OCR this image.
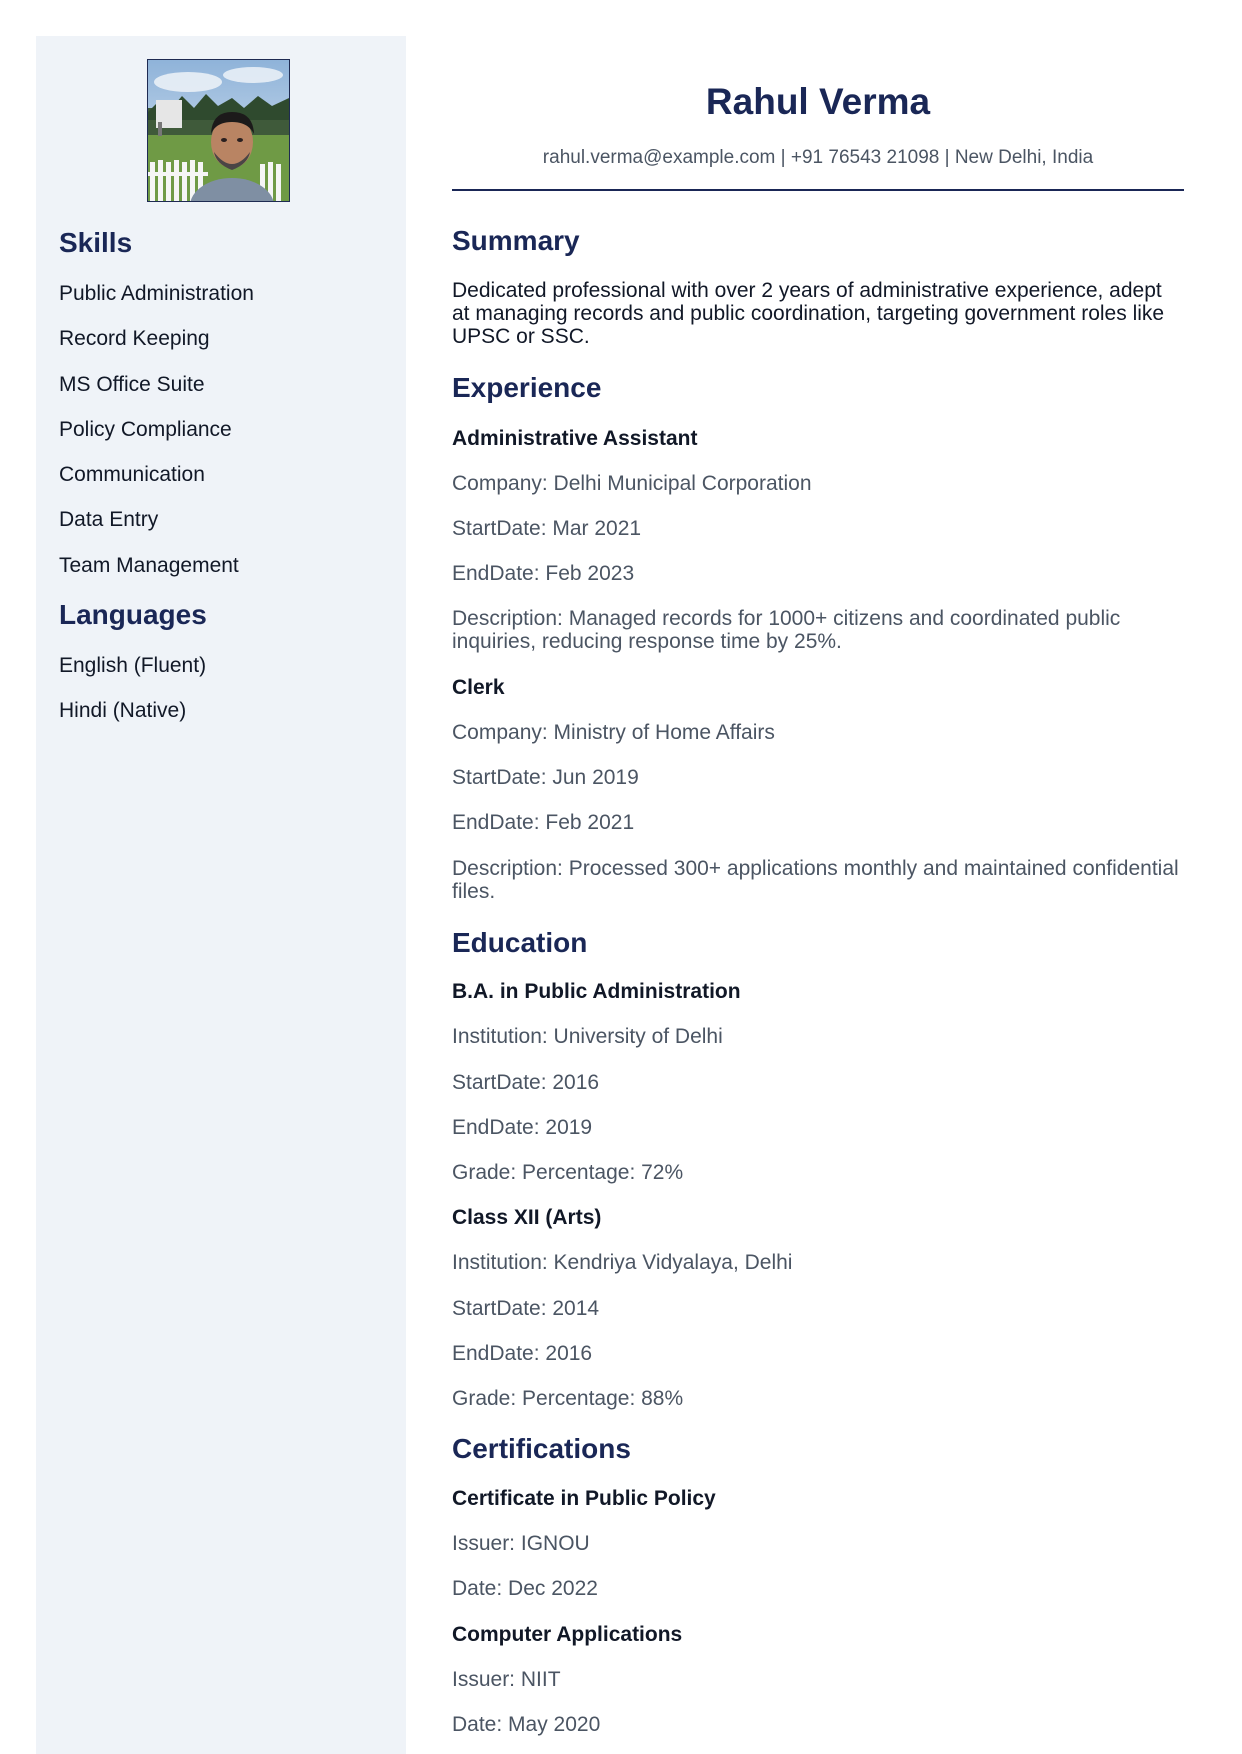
Skills
Public Administration
Record Keeping
MS Office Suite
Policy Compliance
Communication
Data Entry
Team Management
Languages
English (Fluent)
Hindi (Native)
Rahul Verma
rahul.verma@example.com | +91 76543 21098 | New Delhi, India
Summary

Dedicated professional with over 2 years of administrative experience, adept at managing records and public coordination, targeting government roles like UPSC or SSC.

Experience
Administrative Assistant
Company: Delhi Municipal Corporation
StartDate: Mar 2021
EndDate: Feb 2023
Description: Managed records for 1000+ citizens and coordinated public inquiries, reducing response time by 25%.
Clerk
Company: Ministry of Home Affairs
StartDate: Jun 2019
EndDate: Feb 2021
Description: Processed 300+ applications monthly and maintained confidential files.
Education
B.A. in Public Administration
Institution: University of Delhi
StartDate: 2016
EndDate: 2019
Grade: Percentage: 72%
Class XII (Arts)
Institution: Kendriya Vidyalaya, Delhi
StartDate: 2014
EndDate: 2016
Grade: Percentage: 88%
Certifications
Certificate in Public Policy
Issuer: IGNOU
Date: Dec 2022
Computer Applications
Issuer: NIIT
Date: May 2020
